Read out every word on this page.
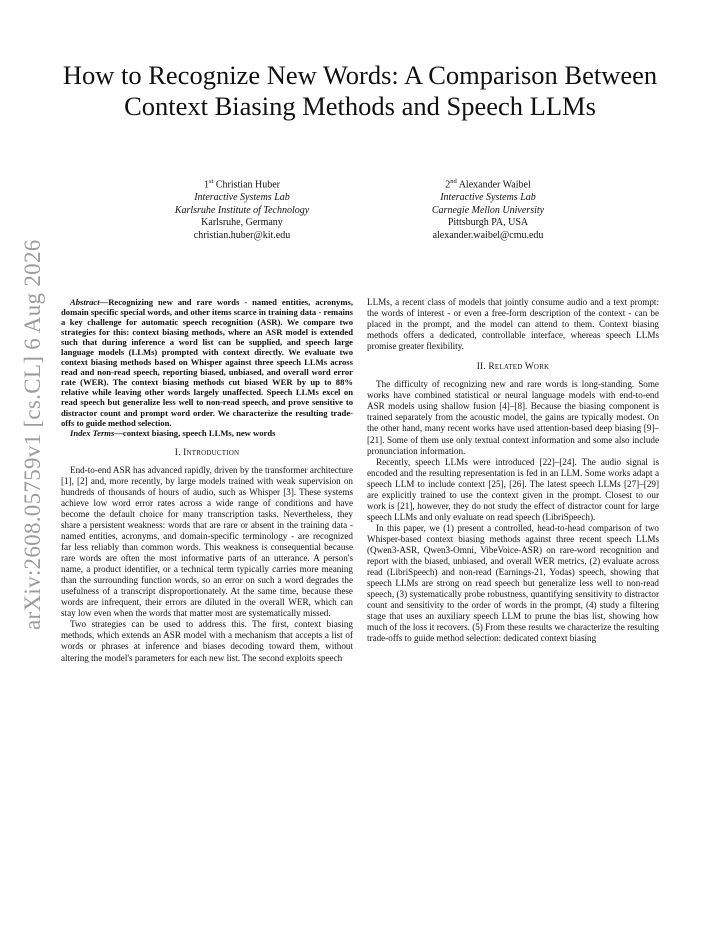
arXiv:2608.05759v1 [cs.CL] 6 Aug 2026
How to Recognize New Words: A Comparison Between Context Biasing Methods and Speech LLMs
1st Christian Huber
Interactive Systems Lab
Karlsruhe Institute of Technology
Karlsruhe, Germany
christian.huber@kit.edu
2nd Alexander Waibel
Interactive Systems Lab
Carnegie Mellon University
Pittsburgh PA, USA
alexander.waibel@cmu.edu

Abstract—Recognizing new and rare words - named entities, acronyms, domain specific special words, and other items scarce in training data - remains a key challenge for automatic speech recognition (ASR). We compare two strategies for this: context biasing methods, where an ASR model is extended such that during inference a word list can be supplied, and speech large language models (LLMs) prompted with context directly. We evaluate two context biasing methods based on Whisper against three speech LLMs across read and non-read speech, reporting biased, unbiased, and overall word error rate (WER). The context biasing methods cut biased WER by up to 88% relative while leaving other words largely unaffected. Speech LLMs excel on read speech but generalize less well to non-read speech, and prove sensitive to distractor count and prompt word order. We characterize the resulting trade-offs to guide method selection.

Index Terms—context biasing, speech LLMs, new words

I. Introduction

End-to-end ASR has advanced rapidly, driven by the transformer architecture [1], [2] and, more recently, by large models trained with weak supervision on hundreds of thousands of hours of audio, such as Whisper [3]. These systems achieve low word error rates across a wide range of conditions and have become the default choice for many transcription tasks. Nevertheless, they share a persistent weakness: words that are rare or absent in the training data - named entities, acronyms, and domain-specific terminology - are recognized far less reliably than common words. This weakness is consequential because rare words are often the most informative parts of an utterance. A person's name, a product identifier, or a technical term typically carries more meaning than the surrounding function words, so an error on such a word degrades the usefulness of a transcript disproportionately. At the same time, because these words are infrequent, their errors are diluted in the overall WER, which can stay low even when the words that matter most are systematically missed.

Two strategies can be used to address this. The first, context biasing methods, which extends an ASR model with a mechanism that accepts a list of words or phrases at inference and biases decoding toward them, without altering the model's parameters for each new list. The second exploits speech

LLMs, a recent class of models that jointly consume audio and a text prompt: the words of interest - or even a free-form description of the context - can be placed in the prompt, and the model can attend to them. Context biasing methods offers a dedicated, controllable interface, whereas speech LLMs promise greater flexibility.

II. Related Work

The difficulty of recognizing new and rare words is long-standing. Some works have combined statistical or neural language models with end-to-end ASR models using shallow fusion [4]–[8]. Because the biasing component is trained separately from the acoustic model, the gains are typically modest. On the other hand, many recent works have used attention-based deep biasing [9]–[21]. Some of them use only textual context information and some also include pronunciation information.

Recently, speech LLMs were introduced [22]–[24]. The audio signal is encoded and the resulting representation is fed in an LLM. Some works adapt a speech LLM to include context [25], [26]. The latest speech LLMs [27]–[29] are explicitly trained to use the context given in the prompt. Closest to our work is [21], however, they do not study the effect of distractor count for large speech LLMs and only evaluate on read speech (LibriSpeech).

In this paper, we (1) present a controlled, head-to-head comparison of two Whisper-based context biasing methods against three recent speech LLMs (Qwen3-ASR, Qwen3-Omni, VibeVoice-ASR) on rare-word recognition and report with the biased, unbiased, and overall WER metrics, (2) evaluate across read (LibriSpeech) and non-read (Earnings-21, Yodas) speech, showing that speech LLMs are strong on read speech but generalize less well to non-read speech, (3) systematically probe robustness, quantifying sensitivity to distractor count and sensitivity to the order of words in the prompt, (4) study a filtering stage that uses an auxiliary speech LLM to prune the bias list, showing how much of the loss it recovers. (5) From these results we characterize the resulting trade-offs to guide method selection: dedicated context biasing
